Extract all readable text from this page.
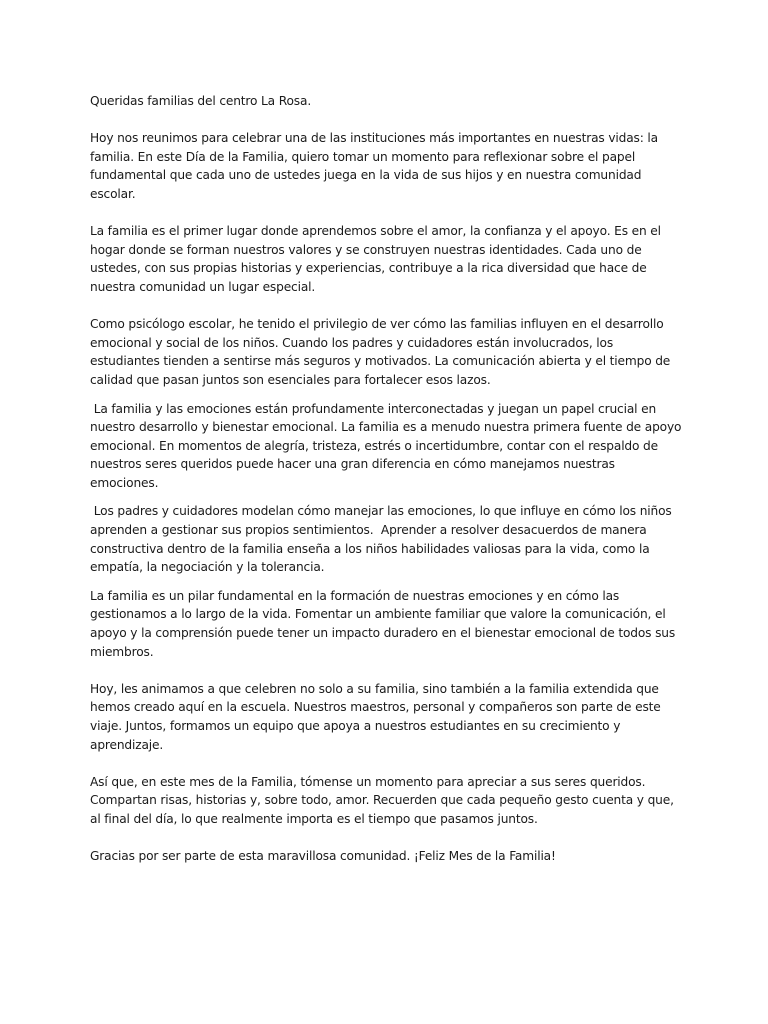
Queridas familias del centro La Rosa.

Hoy nos reunimos para celebrar una de las instituciones más importantes en nuestras vidas: la familia. En este Día de la Familia, quiero tomar un momento para reflexionar sobre el papel fundamental que cada uno de ustedes juega en la vida de sus hijos y en nuestra comunidad escolar.

La familia es el primer lugar donde aprendemos sobre el amor, la confianza y el apoyo. Es en el hogar donde se forman nuestros valores y se construyen nuestras identidades. Cada uno de ustedes, con sus propias historias y experiencias, contribuye a la rica diversidad que hace de nuestra comunidad un lugar especial.

Como psicólogo escolar, he tenido el privilegio de ver cómo las familias influyen en el desarrollo emocional y social de los niños. Cuando los padres y cuidadores están involucrados, los estudiantes tienden a sentirse más seguros y motivados. La comunicación abierta y el tiempo de calidad que pasan juntos son esenciales para fortalecer esos lazos.

La familia y las emociones están profundamente interconectadas y juegan un papel crucial en nuestro desarrollo y bienestar emocional. La familia es a menudo nuestra primera fuente de apoyo emocional. En momentos de alegría, tristeza, estrés o incertidumbre, contar con el respaldo de nuestros seres queridos puede hacer una gran diferencia en cómo manejamos nuestras emociones.

Los padres y cuidadores modelan cómo manejar las emociones, lo que influye en cómo los niños aprenden a gestionar sus propios sentimientos.  Aprender a resolver desacuerdos de manera constructiva dentro de la familia enseña a los niños habilidades valiosas para la vida, como la empatía, la negociación y la tolerancia.

La familia es un pilar fundamental en la formación de nuestras emociones y en cómo las gestionamos a lo largo de la vida. Fomentar un ambiente familiar que valore la comunicación, el apoyo y la comprensión puede tener un impacto duradero en el bienestar emocional de todos sus miembros.

Hoy, les animamos a que celebren no solo a su familia, sino también a la familia extendida que hemos creado aquí en la escuela. Nuestros maestros, personal y compañeros son parte de este viaje. Juntos, formamos un equipo que apoya a nuestros estudiantes en su crecimiento y aprendizaje.

Así que, en este mes de la Familia, tómense un momento para apreciar a sus seres queridos. Compartan risas, historias y, sobre todo, amor. Recuerden que cada pequeño gesto cuenta y que, al final del día, lo que realmente importa es el tiempo que pasamos juntos.

Gracias por ser parte de esta maravillosa comunidad. ¡Feliz Mes de la Familia!
